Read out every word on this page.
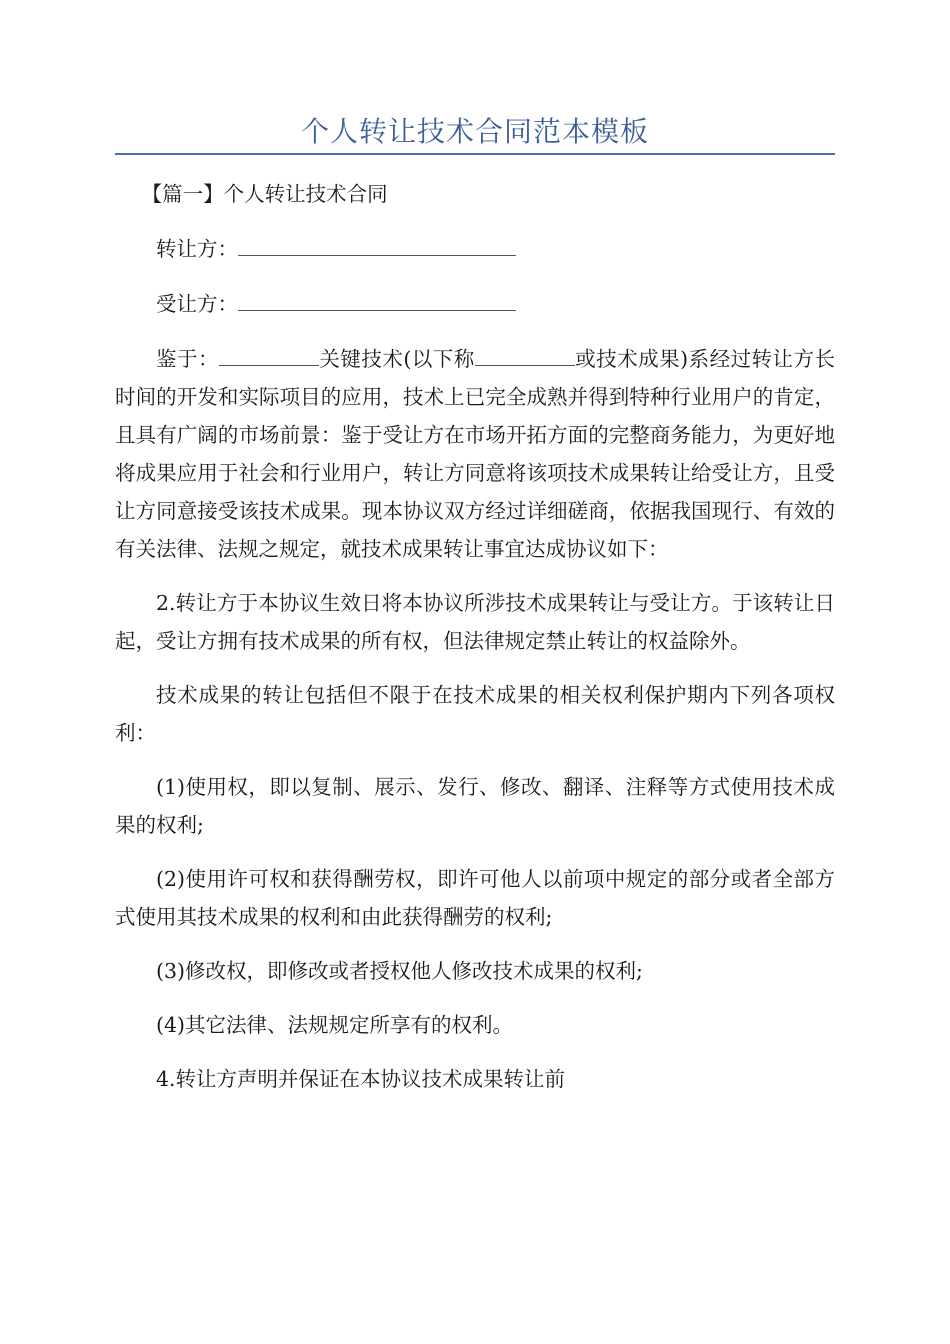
个人转让技术合同范本模板

【篇一】个人转让技术合同

转让方：

受让方：

鉴于：	关键技术(以下称	或技术成果)系经过转让方长时间的开发和实际项目的应用，技术上已完全成熟并得到特种行业用户的肯定，且具有广阔的市场前景：鉴于受让方在市场开拓方面的完整商务能力，为更好地将成果应用于社会和行业用户，转让方同意将该项技术成果转让给受让方，且受让方同意接受该技术成果。现本协议双方经过详细磋商，依据我国现行、有效的有关法律、法规之规定，就技术成果转让事宜达成协议如下：

2.转让方于本协议生效日将本协议所涉技术成果转让与受让方。于该转让日起，受让方拥有技术成果的所有权，但法律规定禁止转让的权益除外。

技术成果的转让包括但不限于在技术成果的相关权利保护期内下列各项权利：

(1)使用权，即以复制、展示、发行、修改、翻译、注释等方式使用技术成果的权利;

(2)使用许可权和获得酬劳权，即许可他人以前项中规定的部分或者全部方式使用其技术成果的权利和由此获得酬劳的权利;

(3)修改权，即修改或者授权他人修改技术成果的权利;

(4)其它法律、法规规定所享有的权利。

4.转让方声明并保证在本协议技术成果转让前
